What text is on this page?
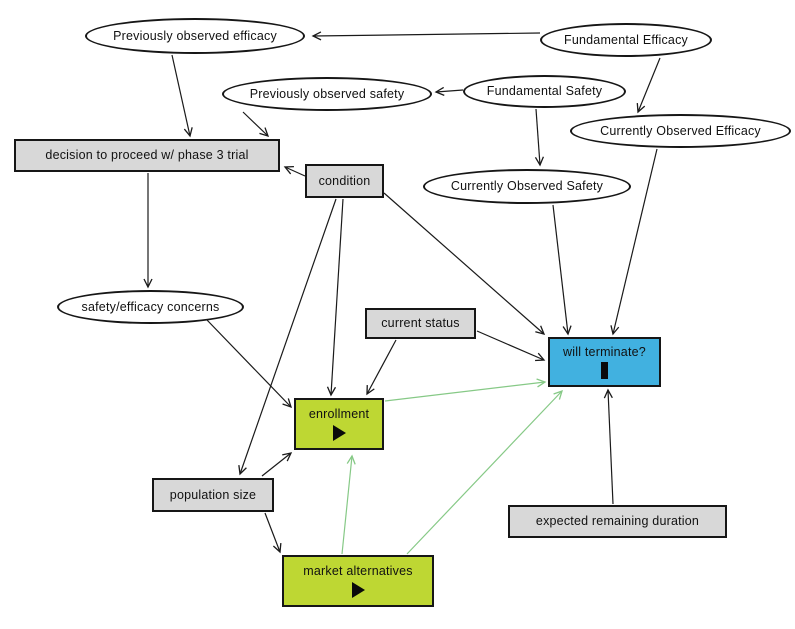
Previously observed efficacy	Fundamental Efficacy
Previously observed safety	Fundamental Safety
Currently Observed Efficacy
Currently Observed Safety
decision to proceed w/ phase 3 trial
condition
safety/efficacy concerns
current status
will terminate?
enrollment
population size
market alternatives
expected remaining duration
